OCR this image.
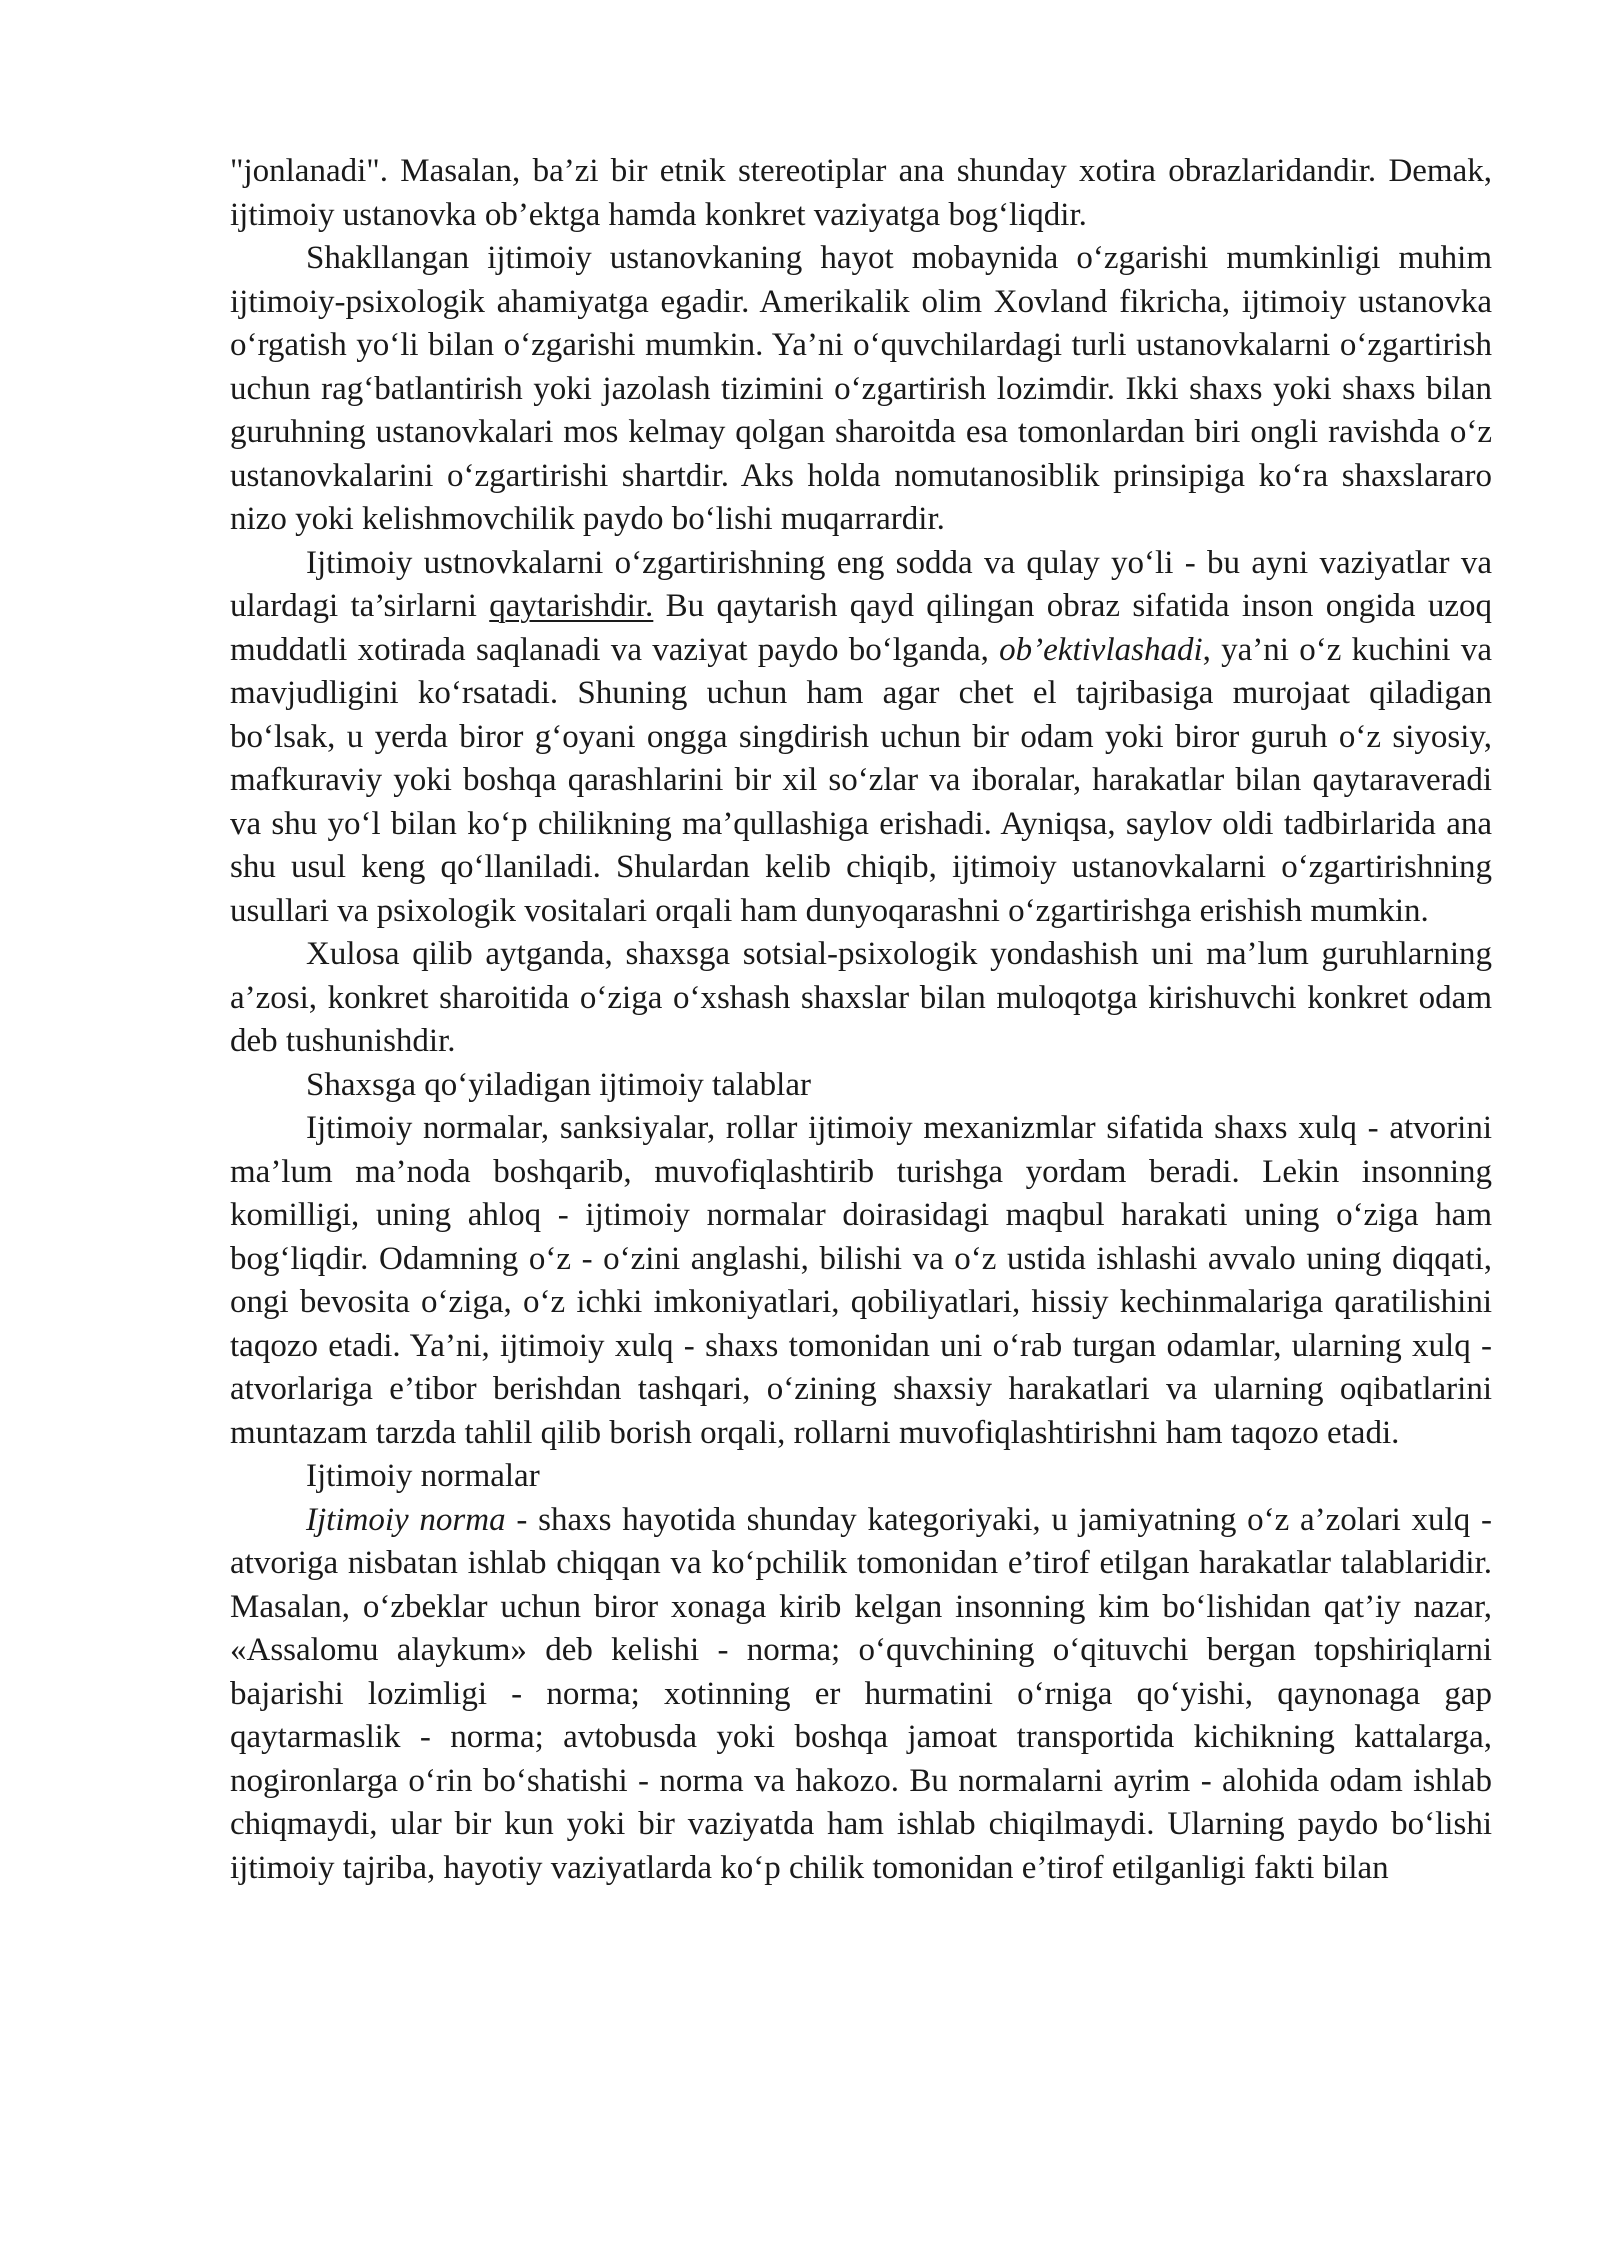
"jonlanadi". Masalan, ba’zi bir etnik stereotiplar ana shunday xotira obrazlaridandir. Demak, ijtimoiy ustanovka ob’ektga hamda konkret vaziyatga bog‘liqdir.

Shakllangan ijtimoiy ustanovkaning hayot mobaynida o‘zgarishi mumkinligi muhim ijtimoiy-psixologik ahamiyatga egadir. Amerikalik olim Xovland fikricha, ijtimoiy ustanovka o‘rgatish yo‘li bilan o‘zgarishi mumkin. Ya’ni o‘quvchilardagi turli ustanovkalarni o‘zgartirish uchun rag‘batlantirish yoki jazolash tizimini o‘zgartirish lozimdir. Ikki shaxs yoki shaxs bilan guruhning ustanovkalari mos kelmay qolgan sharoitda esa tomonlardan biri ongli ravishda o‘z ustanovkalarini o‘zgartirishi shartdir. Aks holda nomutanosiblik prinsipiga ko‘ra shaxslararo nizo yoki kelishmovchilik paydo bo‘lishi muqarrardir.

Ijtimoiy ustnovkalarni o‘zgartirishning eng sodda va qulay yo‘li - bu ayni vaziyatlar va ulardagi ta’sirlarni qaytarishdir. Bu qaytarish qayd qilingan obraz sifatida inson ongida uzoq muddatli xotirada saqlanadi va vaziyat paydo bo‘lganda, ob’ektivlashadi, ya’ni o‘z kuchini va mavjudligini ko‘rsatadi. Shuning uchun ham agar chet el tajribasiga murojaat qiladigan bo‘lsak, u yerda biror g‘oyani ongga singdirish uchun bir odam yoki biror guruh o‘z siyosiy, mafkuraviy yoki boshqa qarashlarini bir xil so‘zlar va iboralar, harakatlar bilan qaytaraveradi va shu yo‘l bilan ko‘p chilikning ma’qullashiga erishadi. Ayniqsa, saylov oldi tadbirlarida ana shu usul keng qo‘llaniladi. Shulardan kelib chiqib, ijtimoiy ustanovkalarni o‘zgartirishning usullari va psixologik vositalari orqali ham dunyoqarashni o‘zgartirishga erishish mumkin.

Xulosa qilib aytganda, shaxsga sotsial-psixologik yondashish uni ma’lum guruhlarning a’zosi, konkret sharoitida o‘ziga o‘xshash shaxslar bilan muloqotga kirishuvchi konkret odam deb tushunishdir.

Shaxsga qo‘yiladigan ijtimoiy talablar

Ijtimoiy normalar, sanksiyalar, rollar ijtimoiy mexanizmlar sifatida shaxs xulq - atvorini ma’lum ma’noda boshqarib, muvofiqlashtirib turishga yordam beradi. Lekin insonning komilligi, uning ahloq - ijtimoiy normalar doirasidagi maqbul harakati uning o‘ziga ham bog‘liqdir. Odamning o‘z - o‘zini anglashi, bilishi va o‘z ustida ishlashi avvalo uning diqqati, ongi bevosita o‘ziga, o‘z ichki imkoniyatlari, qobiliyatlari, hissiy kechinmalariga qaratilishini taqozo etadi. Ya’ni, ijtimoiy xulq - shaxs tomonidan uni o‘rab turgan odamlar, ularning xulq - atvorlariga e’tibor berishdan tashqari, o‘zining shaxsiy harakatlari va ularning oqibatlarini muntazam tarzda tahlil qilib borish orqali, rollarni muvofiqlashtirishni ham taqozo etadi.

Ijtimoiy normalar

Ijtimoiy norma - shaxs hayotida shunday kategoriyaki, u jamiyatning o‘z a’zolari xulq - atvoriga nisbatan ishlab chiqqan va ko‘pchilik tomonidan e’tirof etilgan harakatlar talablaridir. Masalan, o‘zbeklar uchun biror xonaga kirib kelgan insonning kim bo‘lishidan qat’iy nazar, «Assalomu alaykum» deb kelishi - norma; o‘quvchining o‘qituvchi bergan topshiriqlarni bajarishi lozimligi - norma; xotinning er hurmatini o‘rniga qo‘yishi, qaynonaga gap qaytarmaslik - norma; avtobusda yoki boshqa jamoat transportida kichikning kattalarga, nogironlarga o‘rin bo‘shatishi - norma va hakozo. Bu normalarni ayrim - alohida odam ishlab chiqmaydi, ular bir kun yoki bir vaziyatda ham ishlab chiqilmaydi. Ularning paydo bo‘lishi ijtimoiy tajriba, hayotiy vaziyatlarda ko‘p chilik tomonidan e’tirof etilganligi fakti bilan
